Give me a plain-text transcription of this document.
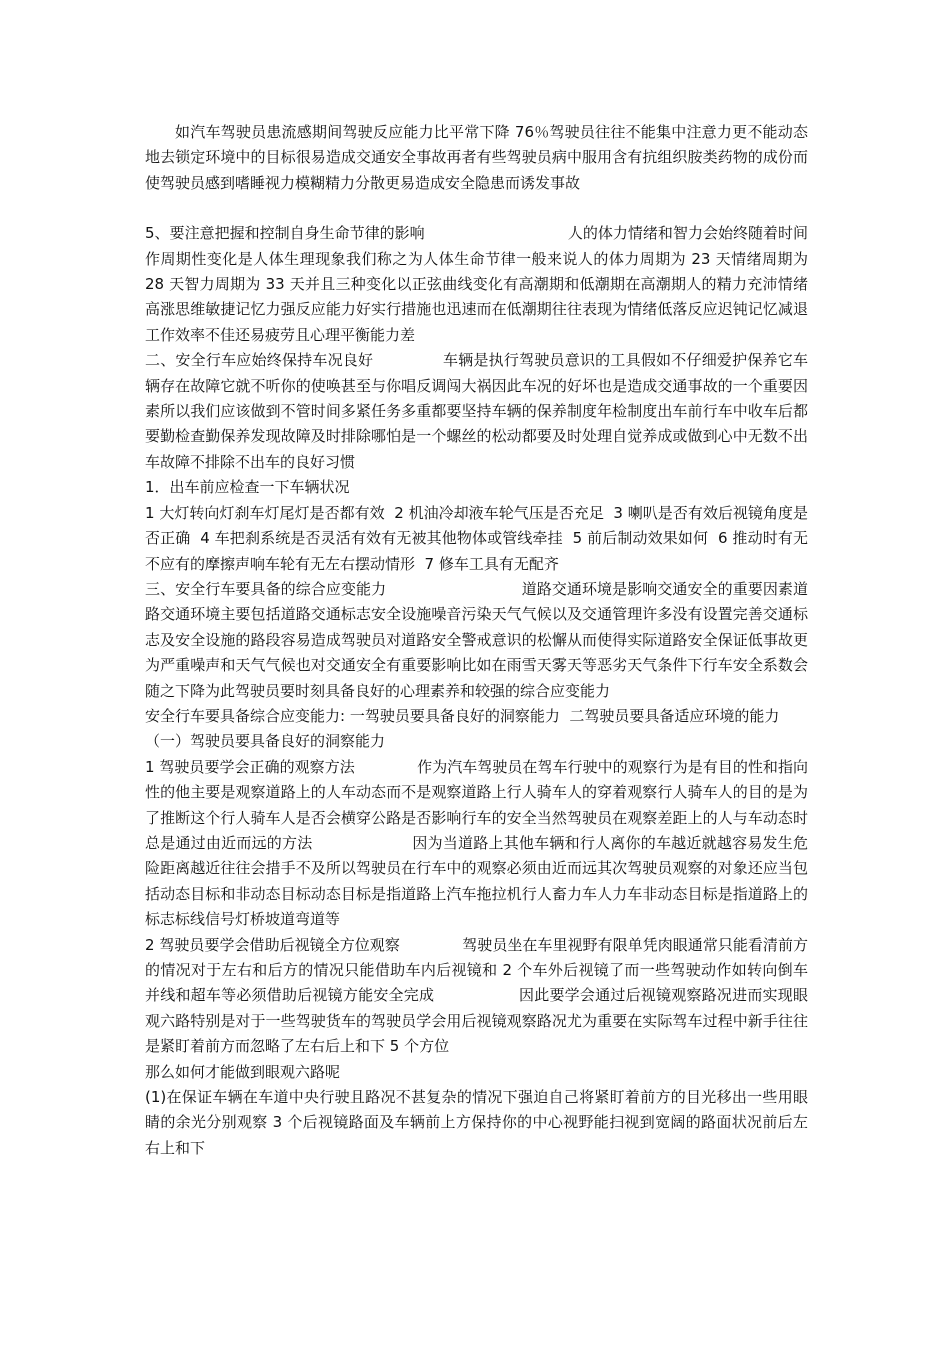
如汽车驾驶员患流感期间驾驶反应能力比平常下降 76％驾驶员往往不能集中注意力更不能动态地去锁定环境中的目标很易造成交通安全事故再者有些驾驶员病中服用含有抗组织胺类药物的成份而使驾驶员感到嗜睡视力模糊精力分散更易造成安全隐患而诱发事故

5、要注意把握和控制自身生命节律的影响                              人的体力情绪和智力会始终随着时间作周期性变化是人体生理现象我们称之为人体生命节律一般来说人的体力周期为 23 天情绪周期为 28 天智力周期为 33 天并且三种变化以正弦曲线变化有高潮期和低潮期在高潮期人的精力充沛情绪高涨思维敏捷记忆力强反应能力好实行措施也迅速而在低潮期往往表现为情绪低落反应迟钝记忆减退工作效率不佳还易疲劳且心理平衡能力差

二、安全行车应始终保持车况良好              车辆是执行驾驶员意识的工具假如不仔细爱护保养它车辆存在故障它就不听你的使唤甚至与你唱反调闯大祸因此车况的好坏也是造成交通事故的一个重要因素所以我们应该做到不管时间多紧任务多重都要坚持车辆的保养制度年检制度出车前行车中收车后都要勤检查勤保养发现故障及时排除哪怕是一个螺丝的松动都要及时处理自觉养成或做到心中无数不出车故障不排除不出车的良好习惯

1．出车前应检查一下车辆状况

1 大灯转向灯刹车灯尾灯是否都有效  2 机油冷却液车轮气压是否充足  3 喇叭是否有效后视镜角度是否正确  4 车把刹系统是否灵活有效有无被其他物体或管线牵挂  5 前后制动效果如何  6 推动时有无不应有的摩擦声响车轮有无左右摆动情形  7 修车工具有无配齐

三、安全行车要具备的综合应变能力                            道路交通环境是影响交通安全的重要因素道路交通环境主要包括道路交通标志安全设施噪音污染天气气候以及交通管理许多没有设置完善交通标志及安全设施的路段容易造成驾驶员对道路安全警戒意识的松懈从而使得实际道路安全保证低事故更为严重噪声和天气气候也对交通安全有重要影响比如在雨雪天雾天等恶劣天气条件下行车安全系数会随之下降为此驾驶员要时刻具备良好的心理素养和较强的综合应变能力

安全行车要具备综合应变能力: 一驾驶员要具备良好的洞察能力  二驾驶员要具备适应环境的能力

（一）驾驶员要具备良好的洞察能力

1 驾驶员要学会正确的观察方法             作为汽车驾驶员在驾车行驶中的观察行为是有目的性和指向性的他主要是观察道路上的人车动态而不是观察道路上行人骑车人的穿着观察行人骑车人的目的是为了推断这个行人骑车人是否会横穿公路是否影响行车的安全当然驾驶员在观察差距上的人与车动态时总是通过由近而远的方法                    因为当道路上其他车辆和行人离你的车越近就越容易发生危险距离越近往往会措手不及所以驾驶员在行车中的观察必须由近而远其次驾驶员观察的对象还应当包括动态目标和非动态目标动态目标是指道路上汽车拖拉机行人畜力车人力车非动态目标是指道路上的标志标线信号灯桥坡道弯道等

2 驾驶员要学会借助后视镜全方位观察             驾驶员坐在车里视野有限单凭肉眼通常只能看清前方的情况对于左右和后方的情况只能借助车内后视镜和 2 个车外后视镜了而一些驾驶动作如转向倒车并线和超车等必须借助后视镜方能安全完成                 因此要学会通过后视镜观察路况进而实现眼观六路特别是对于一些驾驶货车的驾驶员学会用后视镜观察路况尤为重要在实际驾车过程中新手往往是紧盯着前方而忽略了左右后上和下 5 个方位

那么如何才能做到眼观六路呢

(1)在保证车辆在车道中央行驶且路况不甚复杂的情况下强迫自己将紧盯着前方的目光移出一些用眼睛的余光分别观察 3 个后视镜路面及车辆前上方保持你的中心视野能扫视到宽阔的路面状况前后左右上和下
